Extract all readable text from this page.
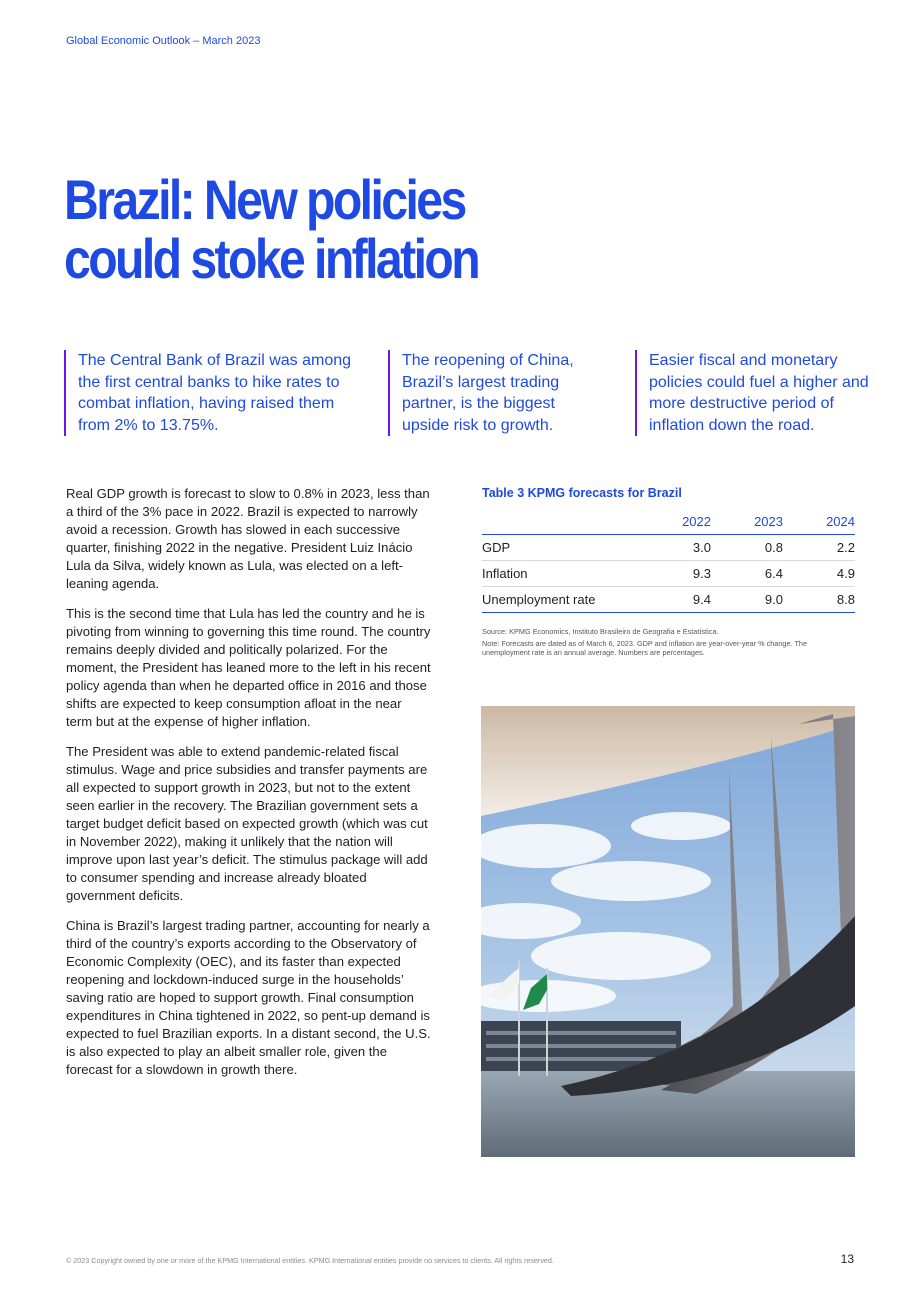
Global Economic Outlook – March 2023
Brazil: New policies
could stoke inflation
The Central Bank of Brazil was among the first central banks to hike rates to combat inflation, having raised them from 2% to 13.75%.
The reopening of China, Brazil’s largest trading partner, is the biggest upside risk to growth.
Easier fiscal and monetary policies could fuel a higher and more destructive period of inflation down the road.

Real GDP growth is forecast to slow to 0.8% in 2023, less than a third of the 3% pace in 2022. Brazil is expected to narrowly avoid a recession. Growth has slowed in each successive quarter, finishing 2022 in the negative. President Luiz Inácio Lula da Silva, widely known as Lula, was elected on a left-leaning agenda.

This is the second time that Lula has led the country and he is pivoting from winning to governing this time round. The country remains deeply divided and politically polarized. For the moment, the President has leaned more to the left in his recent policy agenda than when he departed office in 2016 and those shifts are expected to keep consumption afloat in the near term but at the expense of higher inflation.

The President was able to extend pandemic-related fiscal stimulus. Wage and price subsidies and transfer payments are all expected to support growth in 2023, but not to the extent seen earlier in the recovery. The Brazilian government sets a target budget deficit based on expected growth (which was cut in November 2022), making it unlikely that the nation will improve upon last year’s deficit. The stimulus package will add to consumer spending and increase already bloated government deficits.

China is Brazil’s largest trading partner, accounting for nearly a third of the country’s exports according to the Observatory of Economic Complexity (OEC), and its faster than expected reopening and lockdown-induced surge in the households’ saving ratio are hoped to support growth. Final consumption expenditures in China tightened in 2022, so pent-up demand is expected to fuel Brazilian exports. In a distant second, the U.S. is also expected to play an albeit smaller role, given the forecast for a slowdown in growth there.

Table 3 KPMG forecasts for Brazil
	2022	2023	2024
GDP	3.0	0.8	2.2
Inflation	9.3	6.4	4.9
Unemployment rate	9.4	9.0	8.8

Source: KPMG Economics, Instituto Brasileiro de Geografia e Estatística.

Note: Forecasts are dated as of March 6, 2023. GDP and inflation are year-over-year % change. The unemployment rate is an annual average. Numbers are percentages.

© 2023 Copyright owned by one or more of the KPMG International entities. KPMG International entities provide no services to clients. All rights reserved.	13
